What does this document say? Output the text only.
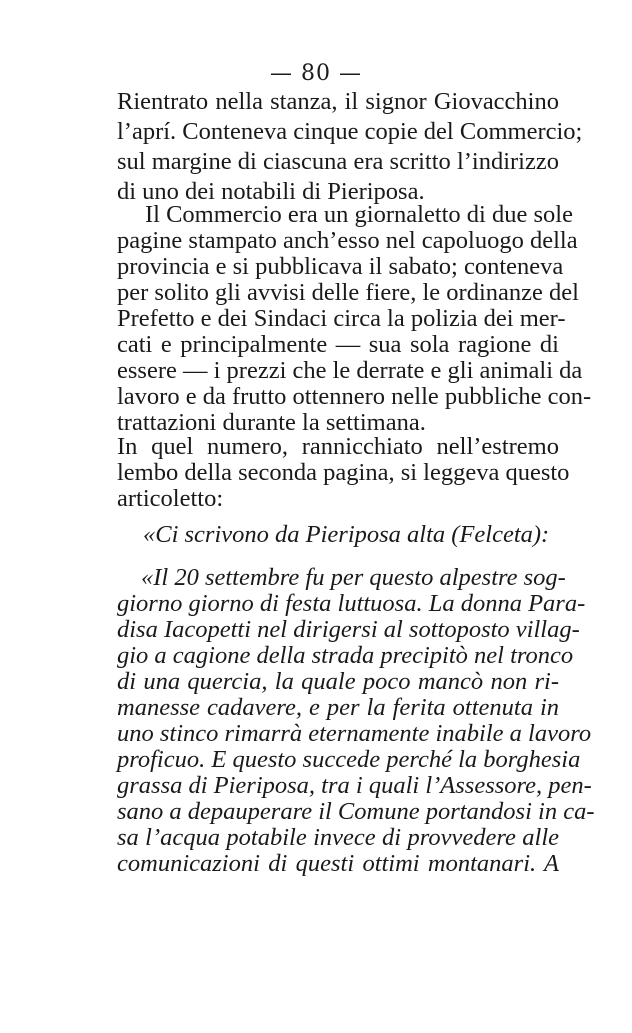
— 80 —
Rientrato nella stanza, il signor Giovacchino
l’aprí. Conteneva cinque copie del Commercio;
sul margine di ciascuna era scritto l’indirizzo
di uno dei notabili di Pieriposa.
Il Commercio era un giornaletto di due sole
pagine stampato anch’esso nel capoluogo della
provincia e si pubblicava il sabato; conteneva
per solito gli avvisi delle fiere, le ordinanze del
Prefetto e dei Sindaci circa la polizia dei mer-
cati e principalmente — sua sola ragione di
essere — i prezzi che le derrate e gli animali da
lavoro e da frutto ottennero nelle pubbliche con-
trattazioni durante la settimana.
In quel numero, rannicchiato nell’estremo
lembo della seconda pagina, si leggeva questo
articoletto:
«Ci scrivono da Pieriposa alta (Felceta):
«Il 20 settembre fu per questo alpestre sog-
giorno giorno di festa luttuosa. La donna Para-
disa Iacopetti nel dirigersi al sottoposto villag-
gio a cagione della strada precipitò nel tronco
di una quercia, la quale poco mancò non ri-
manesse cadavere, e per la ferita ottenuta in
uno stinco rimarrà eternamente inabile a lavoro
proficuo. E questo succede perché la borghesia
grassa di Pieriposa, tra i quali l’Assessore, pen-
sano a depauperare il Comune portandosi in ca-
sa l’acqua potabile invece di provvedere alle
comunicazioni di questi ottimi montanari. A
